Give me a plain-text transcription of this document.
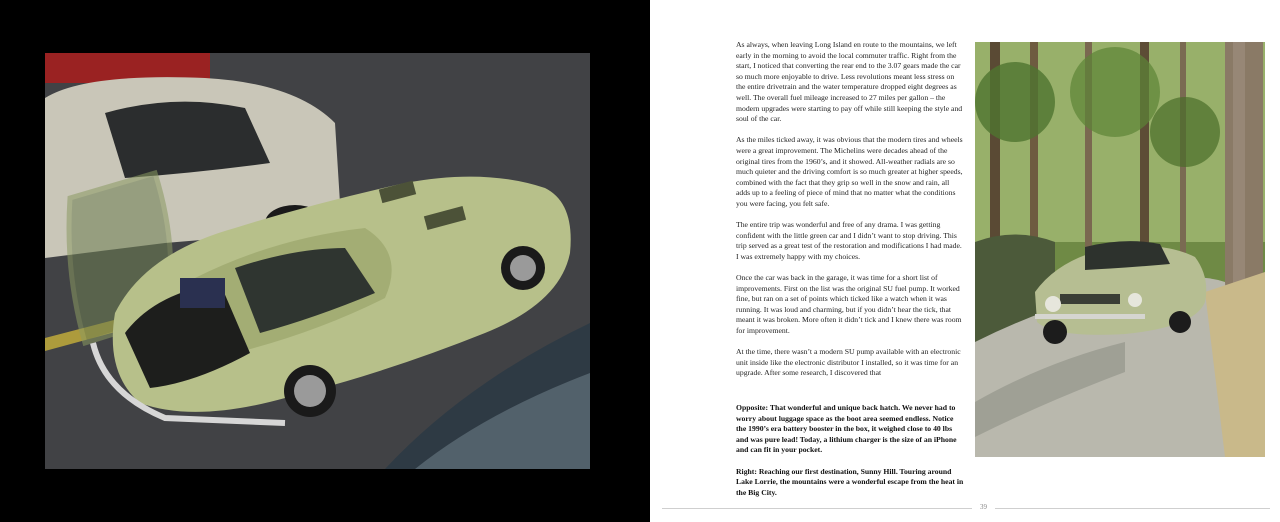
As always, when leaving Long Island en route to the mountains, we left early in the morning to avoid the local commuter traffic. Right from the start, I noticed that converting the rear end to the 3.07 gears made the car so much more enjoyable to drive. Less revolutions meant less stress on the entire drivetrain and the water temperature dropped eight degrees as well. The overall fuel mileage increased to 27 miles per gallon – the modern upgrades were starting to pay off while still keeping the style and soul of the car.

As the miles ticked away, it was obvious that the modern tires and wheels were a great improvement. The Michelins were decades ahead of the original tires from the 1960’s, and it showed. All-weather radials are so much quieter and the driving comfort is so much greater at higher speeds, combined with the fact that they grip so well in the snow and rain, all adds up to a feeling of piece of mind that no matter what the conditions you were facing, you felt safe.

The entire trip was wonderful and free of any drama. I was getting confident with the little green car and I didn’t want to stop driving. This trip served as a great test of the restoration and modifications I had made. I was extremely happy with my choices.

Once the car was back in the garage, it was time for a short list of improvements. First on the list was the original SU fuel pump. It worked fine, but ran on a set of points which ticked like a watch when it was running. It was loud and charming, but if you didn’t hear the tick, that meant it was broken. More often it didn’t tick and I knew there was room for improvement.

At the time, there wasn’t a modern SU pump available with an electronic unit inside like the electronic distributor I installed, so it was time for an upgrade. After some research, I discovered that

Opposite: That wonderful and unique back hatch. We never had to worry about luggage space as the boot area seemed endless. Notice the 1990’s era battery booster in the box, it weighed close to 40 lbs and was pure lead! Today, a lithium charger is the size of an iPhone and can fit in your pocket.

Right: Reaching our first destination, Sunny Hill. Touring around Lake Lorrie, the mountains were a wonderful escape from the heat in the Big City.

39
